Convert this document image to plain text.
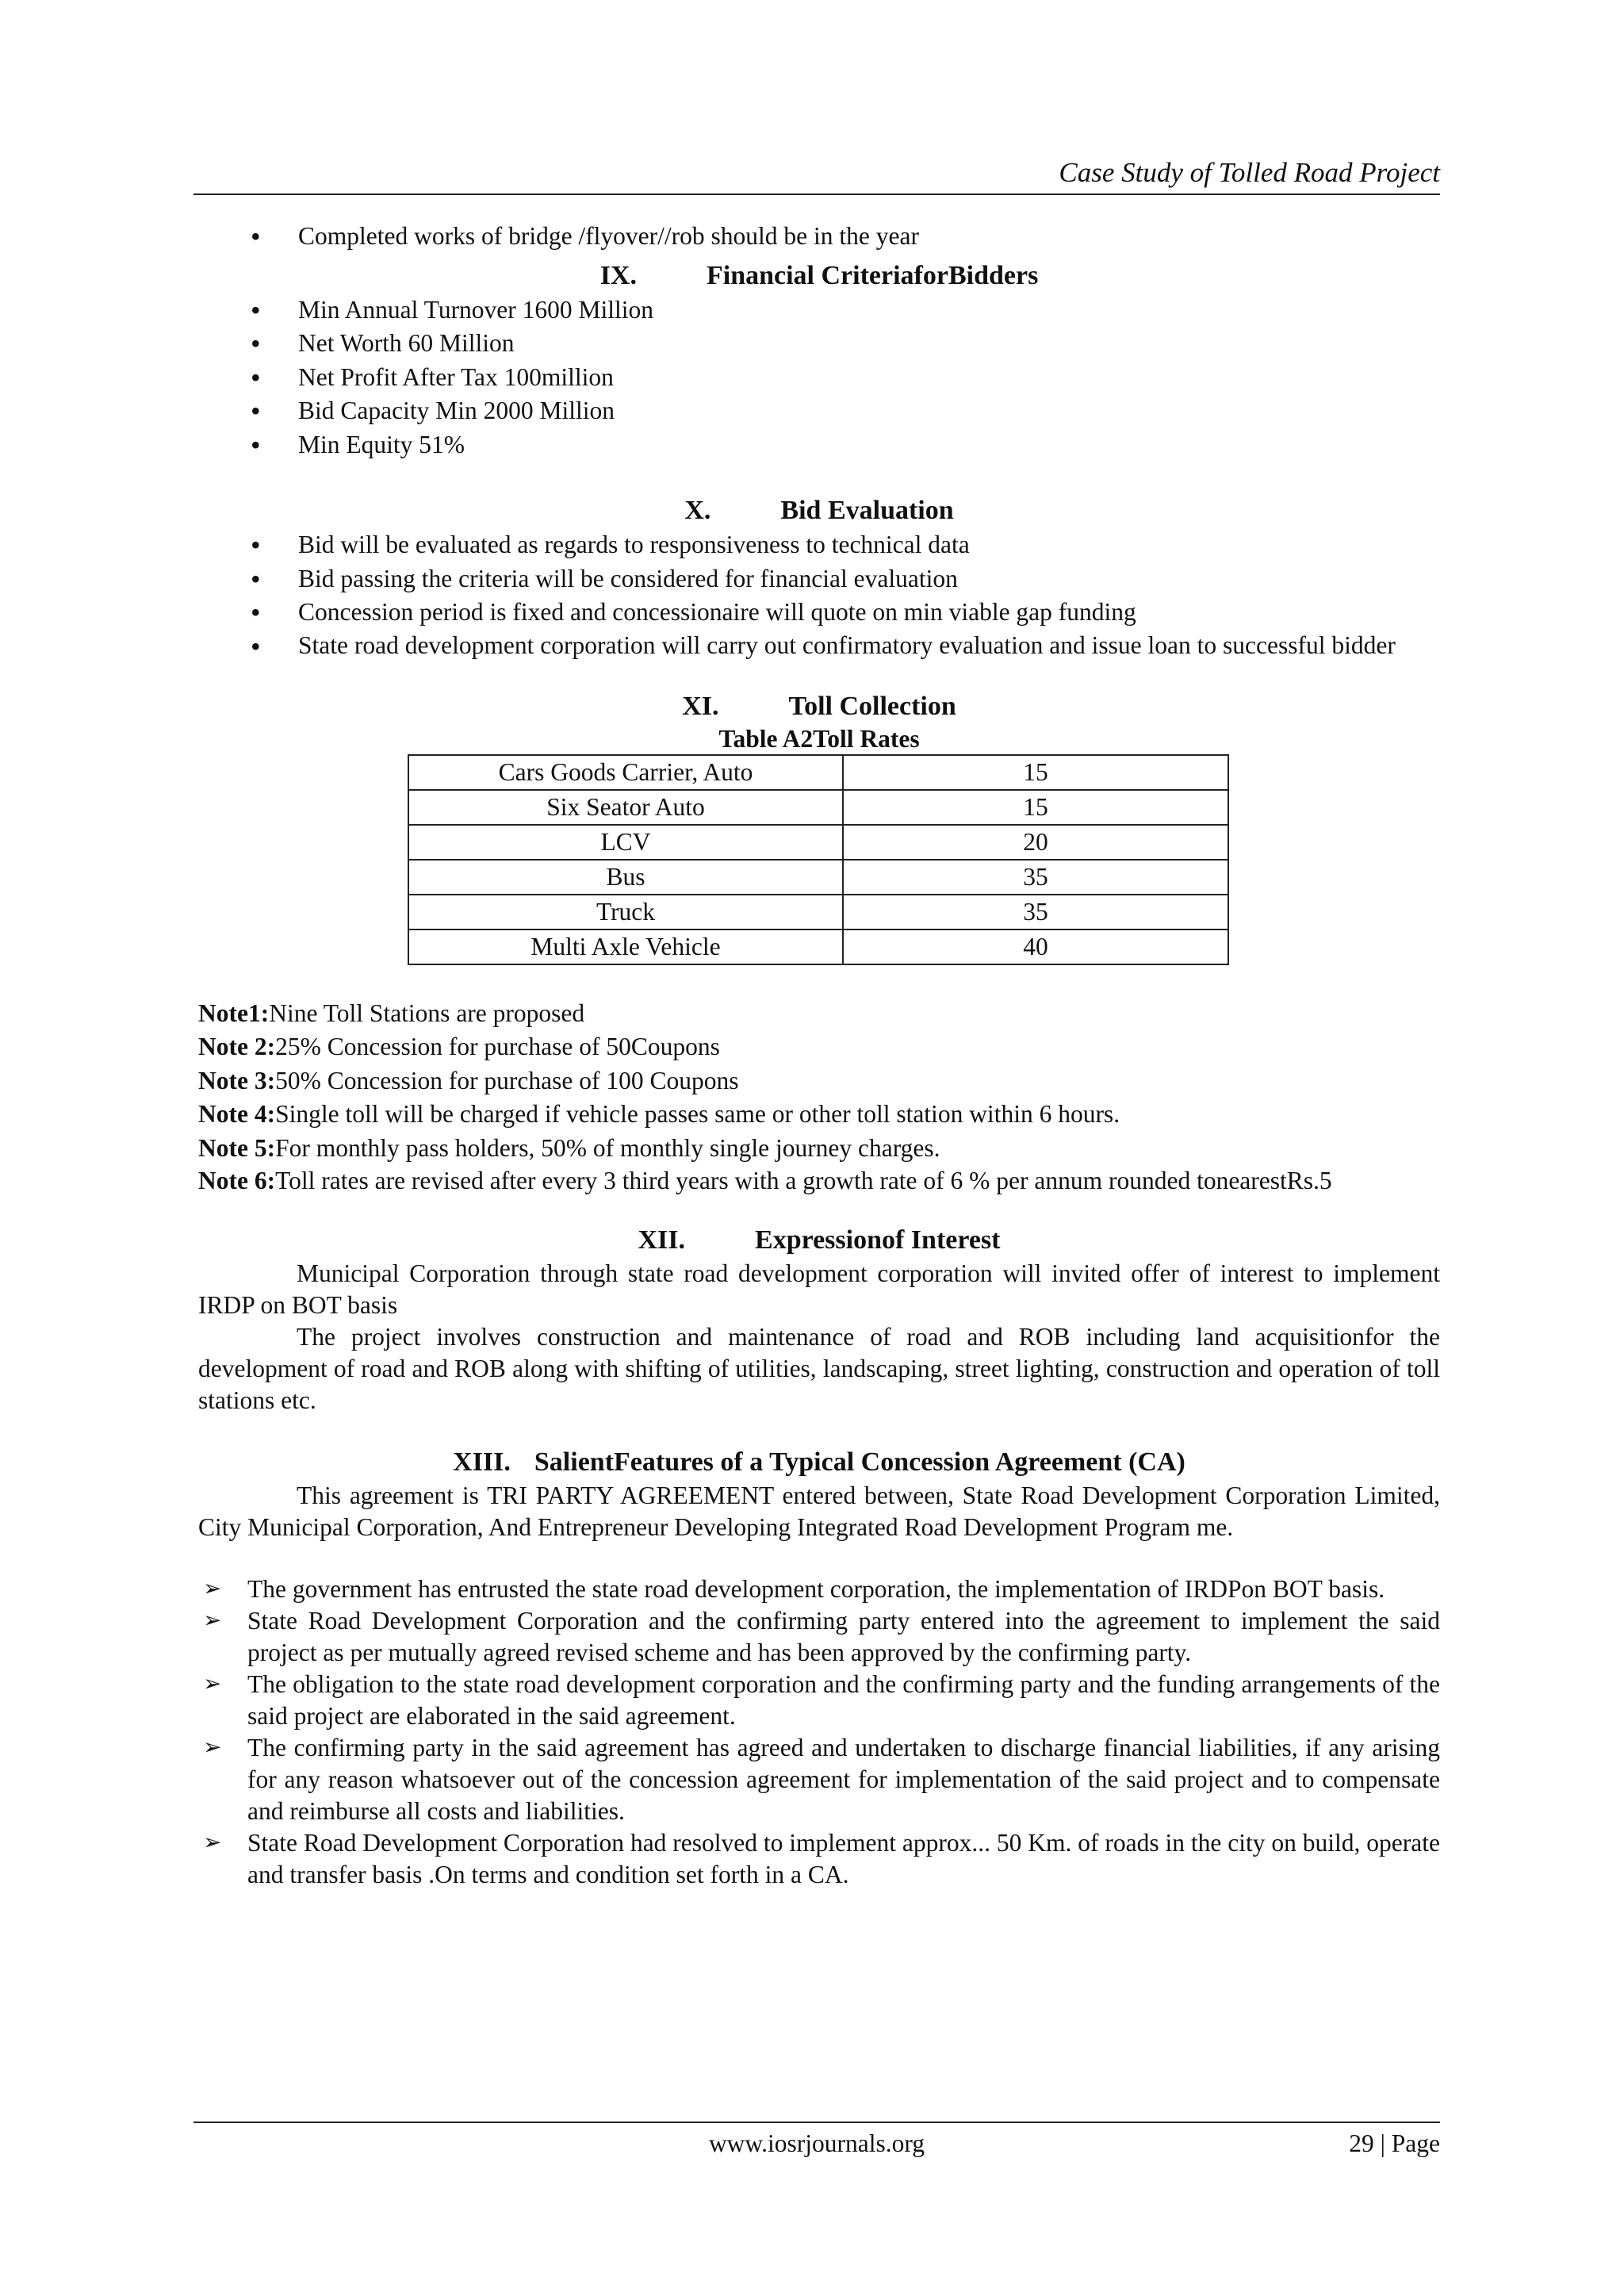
Case Study of Tolled Road Project
• Completed works of bridge /flyover//rob should be in the year
IX.	Financial CriteriaforBidders
• Min Annual Turnover 1600 Million
• Net Worth 60 Million
• Net Profit After Tax 100million
• Bid Capacity Min 2000 Million
• Min Equity 51%
X.	Bid Evaluation
• Bid will be evaluated as regards to responsiveness to technical data
• Bid passing the criteria will be considered for financial evaluation
• Concession period is fixed and concessionaire will quote on min viable gap funding
• State road development corporation will carry out confirmatory evaluation and issue loan to successful bidder
XI.	Toll Collection
Table A2Toll Rates
Cars Goods Carrier, Auto	15
Six Seator Auto	15
LCV	20
Bus	35
Truck	35
Multi Axle Vehicle	40

Note1:Nine Toll Stations are proposed

Note 2:25% Concession for purchase of 50Coupons

Note 3:50% Concession for purchase of 100 Coupons

Note 4:Single toll will be charged if vehicle passes same or other toll station within 6 hours.

Note 5:For monthly pass holders, 50% of monthly single journey charges.

Note 6:Toll rates are revised after every 3 third years with a growth rate of 6 % per annum rounded tonearestRs.5

XII.	Expressionof Interest

Municipal Corporation through state road development corporation will invited offer of interest to implement IRDP on BOT basis

The project involves construction and maintenance of road and ROB including land acquisitionfor the development of road and ROB along with shifting of utilities, landscaping, street lighting, construction and operation of toll stations etc.

XIII. SalientFeatures of a Typical Concession Agreement (CA)

This agreement is TRI PARTY AGREEMENT entered between, State Road Development Corporation Limited, City Municipal Corporation, And Entrepreneur Developing Integrated Road Development Program me.

➢ The government has entrusted the state road development corporation, the implementation of IRDPon BOT basis.
➢ State Road Development Corporation and the confirming party entered into the agreement to implement the said project as per mutually agreed revised scheme and has been approved by the confirming party.
➢ The obligation to the state road development corporation and the confirming party and the funding arrangements of the said project are elaborated in the said agreement.
➢ The confirming party in the said agreement has agreed and undertaken to discharge financial liabilities, if any arising for any reason whatsoever out of the concession agreement for implementation of the said project and to compensate and reimburse all costs and liabilities.
➢ State Road Development Corporation had resolved to implement approx... 50 Km. of roads in the city on build, operate and transfer basis .On terms and condition set forth in a CA.
www.iosrjournals.org	29 | Page
